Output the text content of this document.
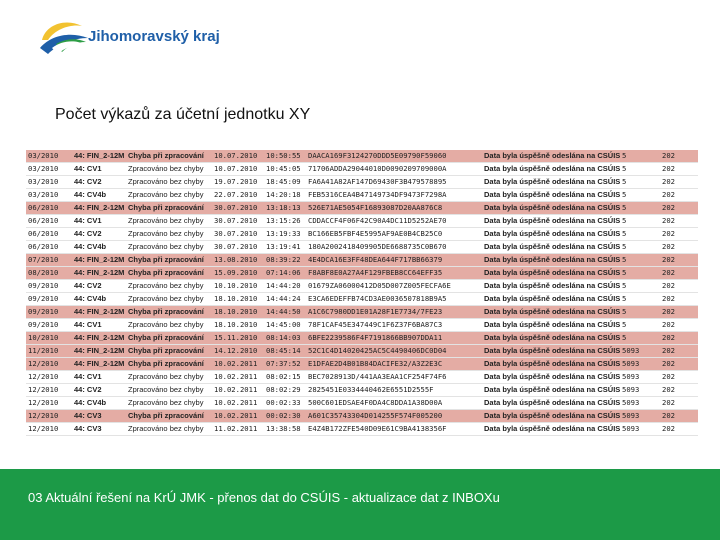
Jihomoravský kraj
Počet výkazů za účetní jednotku XY
03/2010	44: FIN_2-12M	Chyba při zpracování	10.07.2010	10:50:55	DAACA169F3124270DDD5E09790F59060	Data byla úspěšně odeslána na CSÚIS	5	202
03/2010	44: CV1	Zpracováno bez chyby	10.07.2010	10:45:05	71706ADDA29044010D0090209709000A	Data byla úspěšně odeslána na CSÚIS	5	202
03/2010	44: CV2	Zpracováno bez chyby	19.07.2010	18:45:09	FA6A41A82AF147D69430F3B479578895	Data byla úspěšně odeslána na CSÚIS	5	202
03/2010	44: CV4b	Zpracováno bez chyby	22.07.2010	14:20:18	FEB5316CEA4B47149734DF9473F7298A	Data byla úspěšně odeslána na CSÚIS	5	202
06/2010	44: FIN_2-12M	Chyba při zpracování	30.07.2010	13:18:13	526E71AE5054F16893087D20AA876C8	Data byla úspěšně odeslána na CSÚIS	5	202
06/2010	44: CV1	Zpracováno bez chyby	30.07.2010	13:15:26	CDDACCF4F06F42C90A4DC11D5252AE70	Data byla úspěšně odeslána na CSÚIS	5	202
06/2010	44: CV2	Zpracováno bez chyby	30.07.2010	13:19:33	BC166EB5FBF4E5995AF9AE0B4CB25C0	Data byla úspěšně odeslána na CSÚIS	5	202
06/2010	44: CV4b	Zpracováno bez chyby	30.07.2010	13:19:41	180A2002418409905DE6688735C0B670	Data byla úspěšně odeslána na CSÚIS	5	202
07/2010	44: FIN_2-12M	Chyba při zpracování	13.08.2010	08:39:22	4E4DCA16E3FF48DEA644F717BB66379	Data byla úspěšně odeslána na CSÚIS	5	202
08/2010	44: FIN_2-12M	Chyba při zpracování	15.09.2010	07:14:06	F8ABF8E0A27A4F129FBEB8CC64EFF35	Data byla úspěšně odeslána na CSÚIS	5	202
09/2010	44: CV2	Zpracováno bez chyby	10.10.2010	14:44:20	01679ZA06000412D05D007Z005FECFA6E	Data byla úspěšně odeslána na CSÚIS	5	202
09/2010	44: CV4b	Zpracováno bez chyby	18.10.2010	14:44:24	E3CA6EDEFFB74CD3AE0036507818B9A5	Data byla úspěšně odeslána na CSÚIS	5	202
09/2010	44: FIN_2-12M	Chyba při zpracování	18.10.2010	14:44:50	A1C6C7980DD1E01A28F1E7734/7FE23	Data byla úspěšně odeslána na CSÚIS	5	202
09/2010	44: CV1	Zpracováno bez chyby	18.10.2010	14:45:00	78F1CAF45E347449C1F6Z37F6BA87C3	Data byla úspěšně odeslána na CSÚIS	5	202
10/2010	44: FIN_2-12M	Chyba při zpracování	15.11.2010	08:14:03	6BFE2239586F4F7191866BB907DDA11	Data byla úspěšně odeslána na CSÚIS	5	202
11/2010	44: FIN_2-12M	Chyba při zpracování	14.12.2010	08:45:14	52C1C4D14020425AC5C4490406DC0D04	Data byla úspěšně odeslána na CSÚIS	5093	202
12/2010	44: FIN_2-12M	Chyba při zpracování	10.02.2011	07:37:52	E1DFAE2D4B01B84DACIFE32/A3Z2E3C	Data byla úspěšně odeslána na CSÚIS	5093	202
12/2010	44: CV1	Zpracováno bez chyby	10.02.2011	08:02:15	BEC7028913D/441AA3EAA1CF254F74F6	Data byla úspěšně odeslána na CSÚIS	5093	202
12/2010	44: CV2	Zpracováno bez chyby	10.02.2011	08:02:29	2825451E0334440462E6551D2555F	Data byla úspěšně odeslána na CSÚIS	5093	202
12/2010	44: CV4b	Zpracováno bez chyby	10.02.2011	00:02:33	500C601EDSAE4F0DA4C8DDA1A38D00A	Data byla úspěšně odeslána na CSÚIS	5093	202
12/2010	44: CV3	Chyba při zpracování	10.02.2011	00:02:30	A601C35743304D014255F574F005200	Data byla úspěšně odeslána na CSÚIS	5093	202
12/2010	44: CV3	Zpracováno bez chyby	11.02.2011	13:38:58	E4Z4B172ZFE540D09E61C9BA4138356F	Data byla úspěšně odeslána na CSÚIS	5093	202
03 Aktuální řešení na KrÚ JMK - přenos dat do CSÚIS - aktualizace dat z INBOXu
